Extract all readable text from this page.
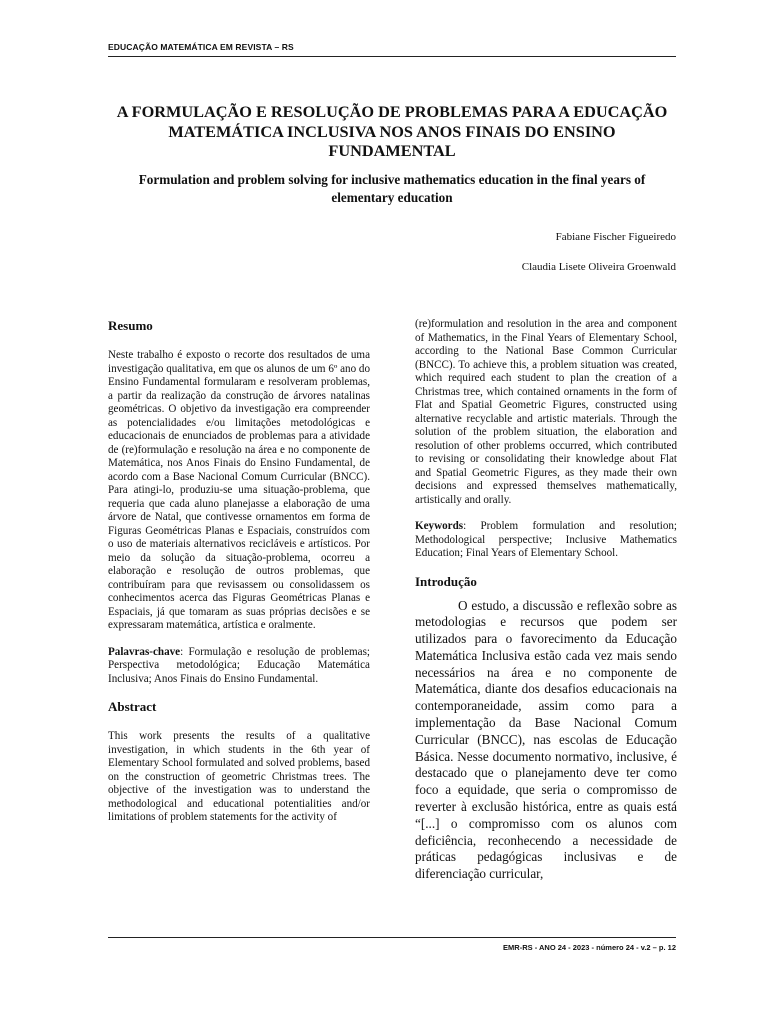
EDUCAÇÃO MATEMÁTICA EM REVISTA – RS
A FORMULAÇÃO E RESOLUÇÃO DE PROBLEMAS PARA A EDUCAÇÃO MATEMÁTICA INCLUSIVA NOS ANOS FINAIS DO ENSINO FUNDAMENTAL
Formulation and problem solving for inclusive mathematics education in the final years of elementary education
Fabiane Fischer Figueiredo
Claudia Lisete Oliveira Groenwald
Resumo

Neste trabalho é exposto o recorte dos resultados de uma investigação qualitativa, em que os alunos de um 6º ano do Ensino Fundamental formularam e resolveram problemas, a partir da realização da construção de árvores natalinas geométricas. O objetivo da investigação era compreender as potencialidades e/ou limitações metodológicas e educacionais de enunciados de problemas para a atividade de (re)formulação e resolução na área e no componente de Matemática, nos Anos Finais do Ensino Fundamental, de acordo com a Base Nacional Comum Curricular (BNCC). Para atingi-lo, produziu-se uma situação-problema, que requeria que cada aluno planejasse a elaboração de uma árvore de Natal, que contivesse ornamentos em forma de Figuras Geométricas Planas e Espaciais, construídos com o uso de materiais alternativos recicláveis e artísticos. Por meio da solução da situação-problema, ocorreu a elaboração e resolução de outros problemas, que contribuíram para que revisassem ou consolidassem os conhecimentos acerca das Figuras Geométricas Planas e Espaciais, já que tomaram as suas próprias decisões e se expressaram matemática, artística e oralmente.

Palavras-chave: Formulação e resolução de problemas; Perspectiva metodológica; Educação Matemática Inclusiva; Anos Finais do Ensino Fundamental.

Abstract

This work presents the results of a qualitative investigation, in which students in the 6th year of Elementary School formulated and solved problems, based on the construction of geometric Christmas trees. The objective of the investigation was to understand the methodological and educational potentialities and/or limitations of problem statements for the activity of

(re)formulation and resolution in the area and component of Mathematics, in the Final Years of Elementary School, according to the National Base Common Curricular (BNCC). To achieve this, a problem situation was created, which required each student to plan the creation of a Christmas tree, which contained ornaments in the form of Flat and Spatial Geometric Figures, constructed using alternative recyclable and artistic materials. Through the solution of the problem situation, the elaboration and resolution of other problems occurred, which contributed to revising or consolidating their knowledge about Flat and Spatial Geometric Figures, as they made their own decisions and expressed themselves mathematically, artistically and orally.

Keywords: Problem formulation and resolution; Methodological perspective; Inclusive Mathematics Education; Final Years of Elementary School.

Introdução

O estudo, a discussão e reflexão sobre as metodologias e recursos que podem ser utilizados para o favorecimento da Educação Matemática Inclusiva estão cada vez mais sendo necessários na área e no componente de Matemática, diante dos desafios educacionais na contemporaneidade, assim como para a implementação da Base Nacional Comum Curricular (BNCC), nas escolas de Educação Básica. Nesse documento normativo, inclusive, é destacado que o planejamento deve ter como foco a equidade, que seria o compromisso de reverter à exclusão histórica, entre as quais está “[...] o compromisso com os alunos com deficiência, reconhecendo a necessidade de práticas pedagógicas inclusivas e de diferenciação curricular,

EMR-RS - ANO 24 - 2023 - número 24 - v.2 – p. 12
